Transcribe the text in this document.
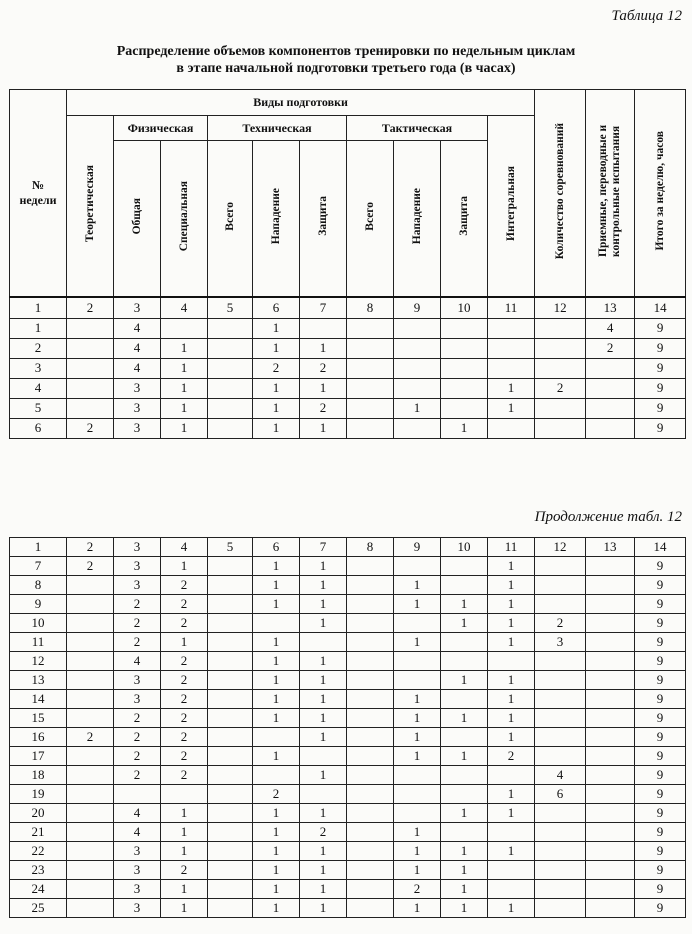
Таблица 12
Распределение объемов компонентов тренировки по недельным циклам
в этапе начальной подготовки третьего года (в часах)
№ недели	Виды подготовки										Количество соревнований	Приемные, переводные и контрольные испытания	Итого за неделю, часов
	Теоретическая	Физическая		Техническая			Тактическая			Интегральная			
		Общая	Специальная	Всего	Нападение	Защита	Всего	Нападение	Защита				
1	2	3	4	5	6	7	8	9	10	11	12	13	14
1		4			1							4	9
2		4	1		1	1						2	9
3		4	1		2	2							9
4		3	1		1	1				1	2		9
5		3	1		1	2		1		1			9
6	2	3	1		1	1			1				9
Продолжение табл. 12
1	2	3	4	5	6	7	8	9	10	11	12	13	14
7	2	3	1		1	1				1			9
8		3	2		1	1		1		1			9
9		2	2		1	1		1	1	1			9
10		2	2			1			1	1	2		9
11		2	1		1			1		1	3		9
12		4	2		1	1							9
13		3	2		1	1			1	1			9
14		3	2		1	1		1		1			9
15		2	2		1	1		1	1	1			9
16	2	2	2			1		1		1			9
17		2	2		1			1	1	2			9
18		2	2			1					4		9
19					2					1	6		9
20		4	1		1	1			1	1			9
21		4	1		1	2		1					9
22		3	1		1	1		1	1	1			9
23		3	2		1	1		1	1				9
24		3	1		1	1		2	1				9
25		3	1		1	1		1	1	1			9
